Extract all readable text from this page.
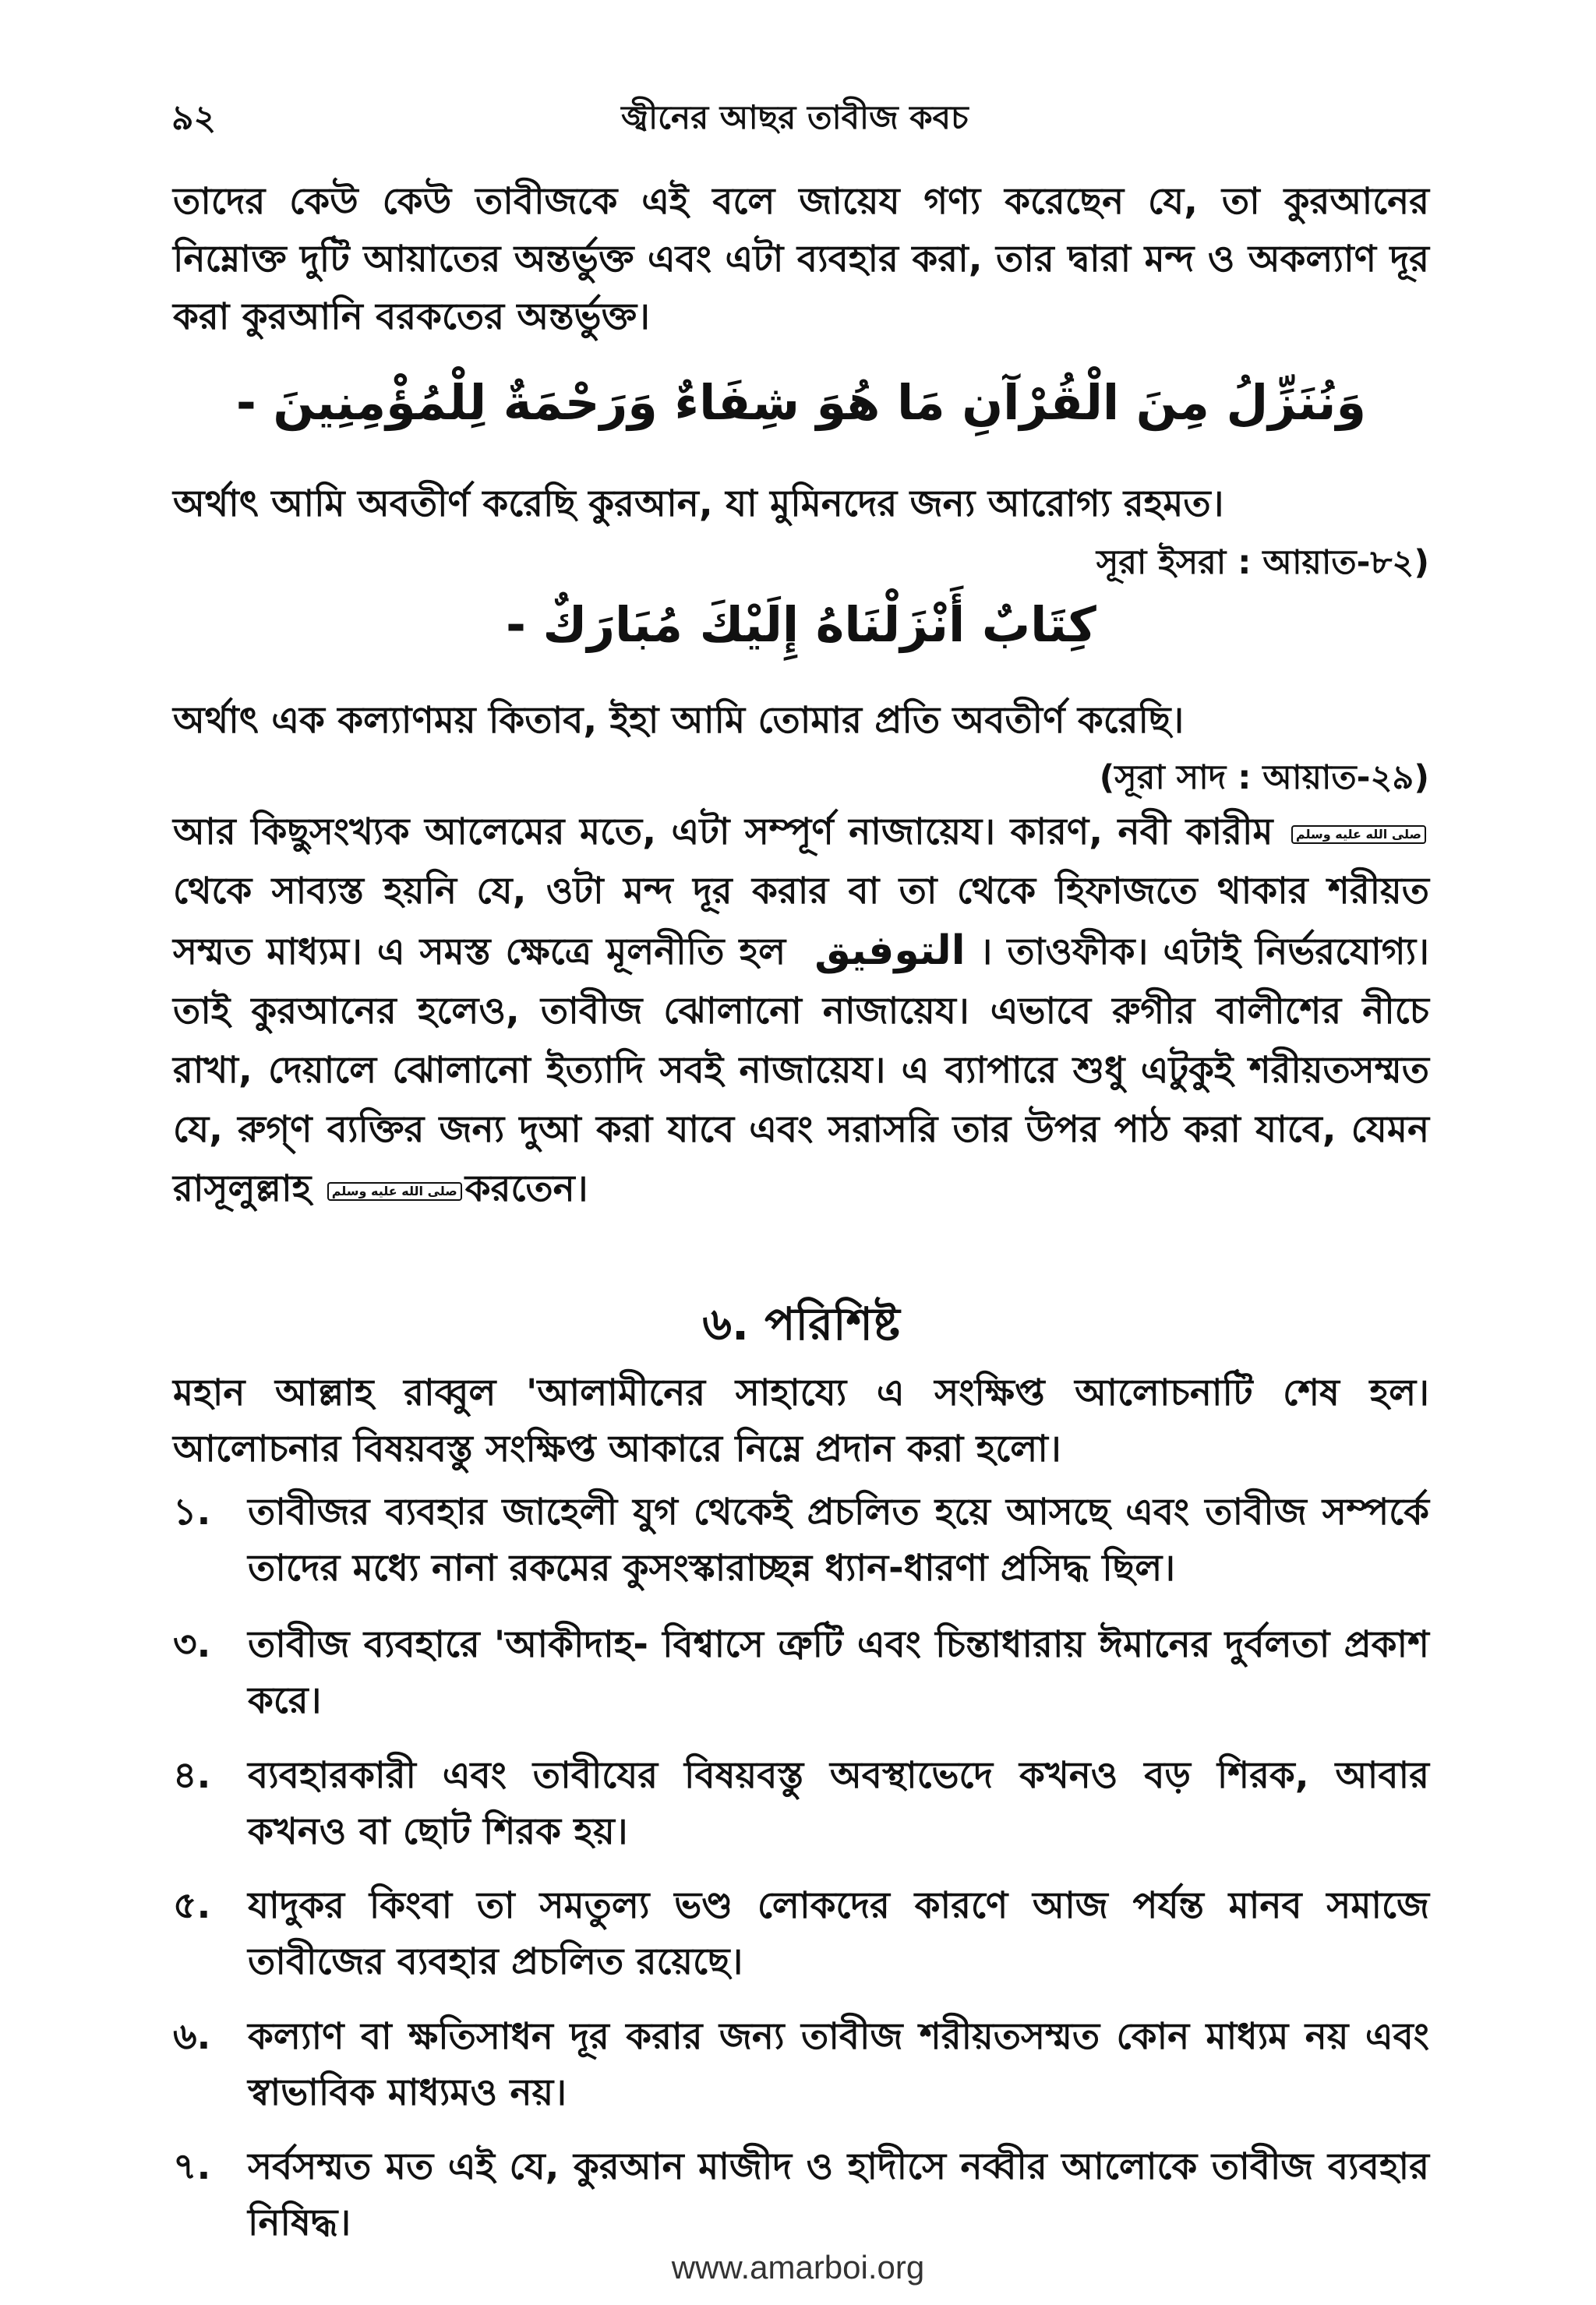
৯২	জ্বীনের আছর তাবীজ কবচ
তাদের কেউ কেউ তাবীজকে এই বলে জায়েয গণ্য করেছেন যে, তা কুরআনের নিম্নোক্ত দুটি আয়াতের অন্তর্ভুক্ত এবং এটা ব্যবহার করা, তার দ্বারা মন্দ ও অকল্যাণ দূর করা কুরআনি বরকতের অন্তর্ভুক্ত।
وَنُنَزِّلُ مِنَ الْقُرْآنِ مَا هُوَ شِفَاءٌ وَرَحْمَةٌ لِلْمُؤْمِنِينَ -
অর্থাৎ আমি অবতীর্ণ করেছি কুরআন, যা মুমিনদের জন্য আরোগ্য রহমত।
সূরা ইসরা : আয়াত-৮২)
كِتَابٌ أَنْزَلْنَاهُ إِلَيْكَ مُبَارَكٌ -
অর্থাৎ এক কল্যাণময় কিতাব, ইহা আমি তোমার প্রতি অবতীর্ণ করেছি।
(সূরা সাদ : আয়াত-২৯)
আর কিছুসংখ্যক আলেমের মতে, এটা সম্পূর্ণ নাজায়েয। কারণ, নবী কারীম صلى الله عليه وسلمথেকে সাব্যস্ত হয়নি যে, ওটা মন্দ দূর করার বা তা থেকে হিফাজতে থাকার শরীয়ত সম্মত মাধ্যম। এ সমস্ত ক্ষেত্রে মূলনীতি হল التوفيق । তাওফীক। এটাই নির্ভরযোগ্য। তাই কুরআনের হলেও, তাবীজ ঝোলানো নাজায়েয। এভাবে রুগীর বালীশের নীচে রাখা, দেয়ালে ঝোলানো ইত্যাদি সবই নাজায়েয। এ ব্যাপারে শুধু এটুকুই শরীয়তসম্মত যে, রুগ্ণ ব্যক্তির জন্য দুআ করা যাবে এবং সরাসরি তার উপর পাঠ করা যাবে, যেমন রাসূলুল্লাহ صلى الله عليه وسلم করতেন।
৬. পরিশিষ্ট
মহান আল্লাহ রাব্বুল 'আলামীনের সাহায্যে এ সংক্ষিপ্ত আলোচনাটি শেষ হল। আলোচনার বিষয়বস্তু সংক্ষিপ্ত আকারে নিম্নে প্রদান করা হলো।
১.	তাবীজর ব্যবহার জাহেলী যুগ থেকেই প্রচলিত হয়ে আসছে এবং তাবীজ সম্পর্কে তাদের মধ্যে নানা রকমের কুসংস্কারাচ্ছন্ন ধ্যান-ধারণা প্রসিদ্ধ ছিল।
৩.	তাবীজ ব্যবহারে 'আকীদাহ- বিশ্বাসে ত্রুটি এবং চিন্তাধারায় ঈমানের দুর্বলতা প্রকাশ করে।
৪.	ব্যবহারকারী এবং তাবীযের বিষয়বস্তু অবস্থাভেদে কখনও বড় শিরক, আবার কখনও বা ছোট শিরক হয়।
৫.	যাদুকর কিংবা তা সমতুল্য ভণ্ড লোকদের কারণে আজ পর্যন্ত মানব সমাজে তাবীজের ব্যবহার প্রচলিত রয়েছে।
৬.	কল্যাণ বা ক্ষতিসাধন দূর করার জন্য তাবীজ শরীয়তসম্মত কোন মাধ্যম নয় এবং স্বাভাবিক মাধ্যমও নয়।
৭.	সর্বসম্মত মত এই যে, কুরআন মাজীদ ও হাদীসে নব্বীর আলোকে তাবীজ ব্যবহার নিষিদ্ধ।
www.amarboi.org
